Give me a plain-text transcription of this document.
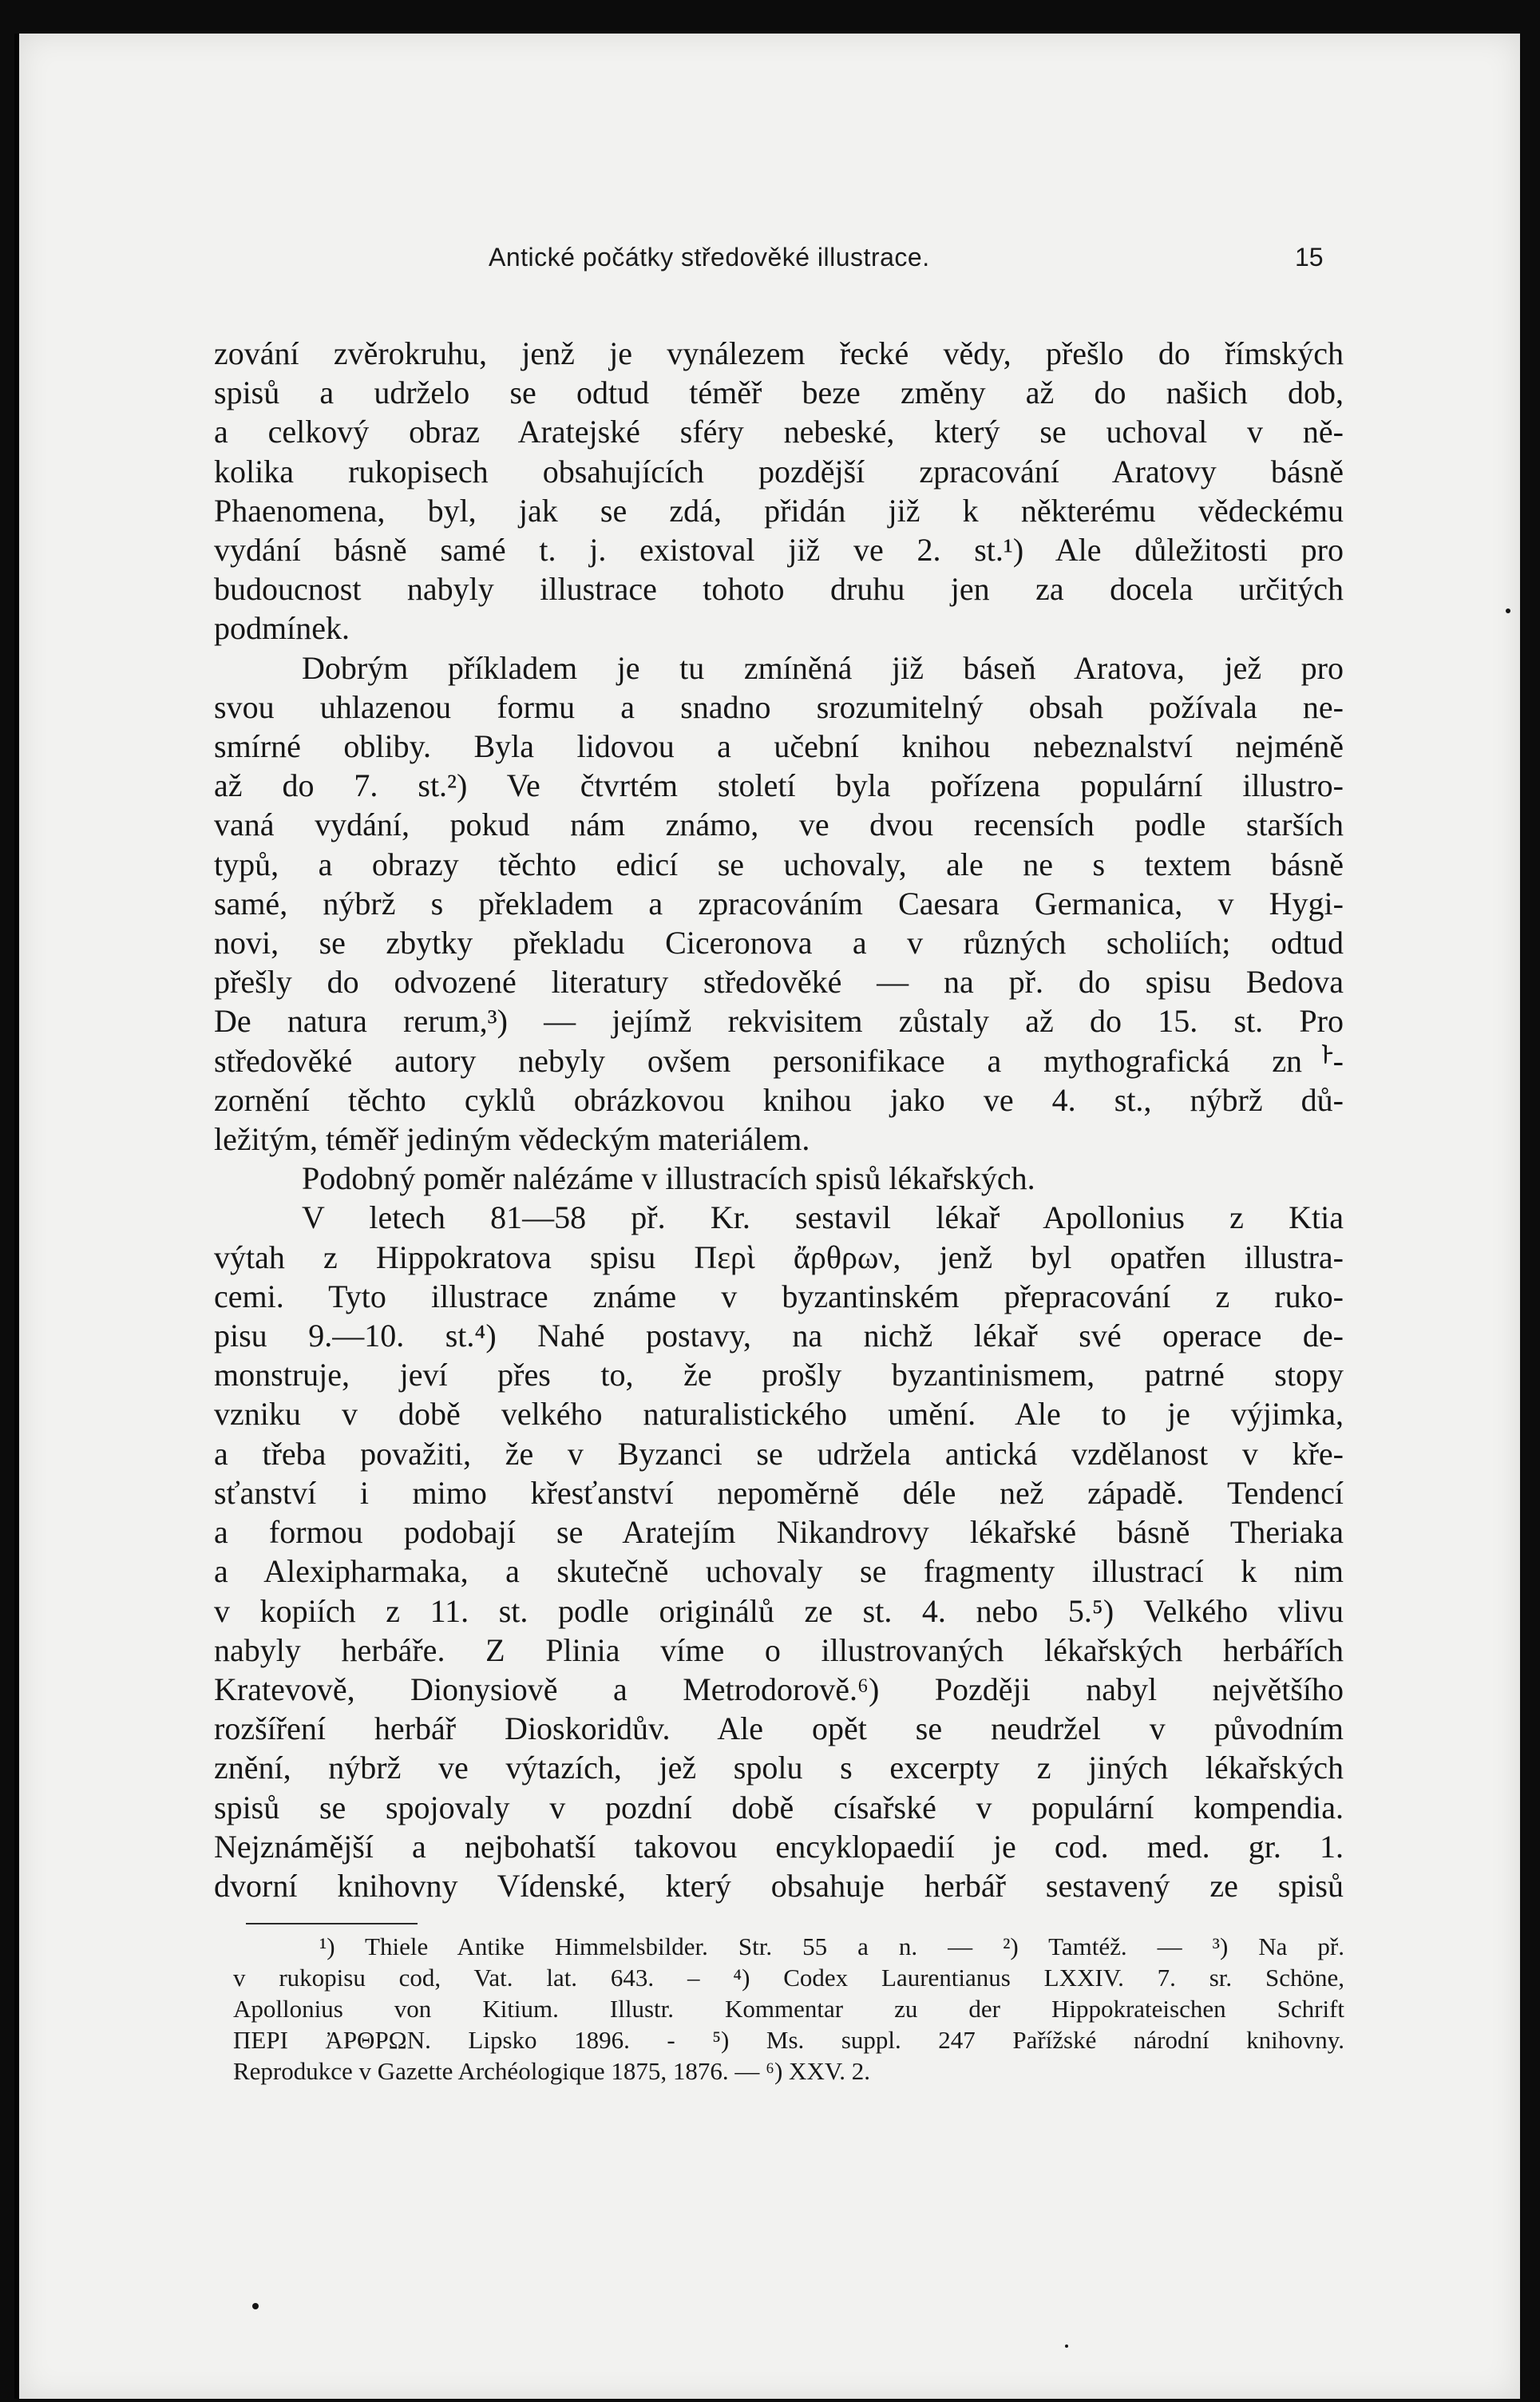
Antické počátky středověké illustrace.	15

zování zvěrokruhu, jenž je vynálezem řecké vědy, přešlo do římských

spisů a udrželo se odtud téměř beze změny až do našich dob,

a celkový obraz Aratejské sféry nebeské, který se uchoval v ně-

kolika rukopisech obsahujících pozdější zpracování Aratovy básně

Phaenomena, byl, jak se zdá, přidán již k některému vědeckému

vydání básně samé t. j. existoval již ve 2. st.¹) Ale důležitosti pro

budoucnost nabyly illustrace tohoto druhu jen za docela určitých

podmínek.

Dobrým příkladem je tu zmíněná již báseň Aratova, jež pro

svou uhlazenou formu a snadno srozumitelný obsah požívala ne-

smírné obliby. Byla lidovou a učební knihou nebeznalství nejméně

až do 7. st.²) Ve čtvrtém století byla pořízena populární illustro-

vaná vydání, pokud nám známo, ve dvou recensích podle starších

typů, a obrazy těchto edicí se uchovaly, ale ne s textem básně

samé, nýbrž s překladem a zpracováním Caesara Germanica, v Hygi-

novi, se zbytky překladu Ciceronova a v různých scholiích; odtud

přešly do odvozené literatury středověké — na př. do spisu Bedova

De natura rerum,³) — jejímž rekvisitem zůstaly až do 15. st. Pro

středověké autory nebyly ovšem personifikace a mythografická znᅡ-

zornění těchto cyklů obrázkovou knihou jako ve 4. st., nýbrž dů-

ležitým, téměř jediným vědeckým materiálem.

Podobný poměr nalézáme v illustracích spisů lékařských.

V letech 81—58 př. Kr. sestavil lékař Apollonius z Ktia

výtah z Hippokratova spisu Περὶ ἄρθρων, jenž byl opatřen illustra-

cemi. Tyto illustrace známe v byzantinském přepracování z ruko-

pisu 9.—10. st.⁴) Nahé postavy, na nichž lékař své operace de-

monstruje, jeví přes to, že prošly byzantinismem, patrné stopy

vzniku v době velkého naturalistického umění. Ale to je výjimka,

a třeba považiti, že v Byzanci se udržela antická vzdělanost v kře-

sťanství i mimo křesťanství nepoměrně déle než západě. Tendencí

a formou podobají se Aratejím Nikandrovy lékařské básně Theriaka

a Alexipharmaka, a skutečně uchovaly se fragmenty illustrací k nim

v kopiích z 11. st. podle originálů ze st. 4. nebo 5.⁵) Velkého vlivu

nabyly herbáře. Z Plinia víme o illustrovaných lékařských herbářích

Kratevově, Dionysiově a Metrodorově.⁶) Později nabyl největšího

rozšíření herbář Dioskoridův. Ale opět se neudržel v původním

znění, nýbrž ve výtazích, jež spolu s excerpty z jiných lékařských

spisů se spojovaly v pozdní době císařské v populární kompendia.

Nejznámější a nejbohatší takovou encyklopaedií je cod. med. gr. 1.

dvorní knihovny Vídenské, který obsahuje herbář sestavený ze spisů

¹) Thiele Antike Himmelsbilder. Str. 55 a n. — ²) Tamtéž. — ³) Na př.

v rukopisu cod, Vat. lat. 643. – ⁴) Codex Laurentianus LXXIV. 7. sr. Schöne,

Apollonius von Kitium. Illustr. Kommentar zu der Hippokrateischen Schrift

ΠΕΡΙ ἈΡΘΡΩΝ. Lipsko 1896. - ⁵) Ms. suppl. 247 Pařížské národní knihovny.

Reprodukce v Gazette Archéologique 1875, 1876. — ⁶) XXV. 2.
